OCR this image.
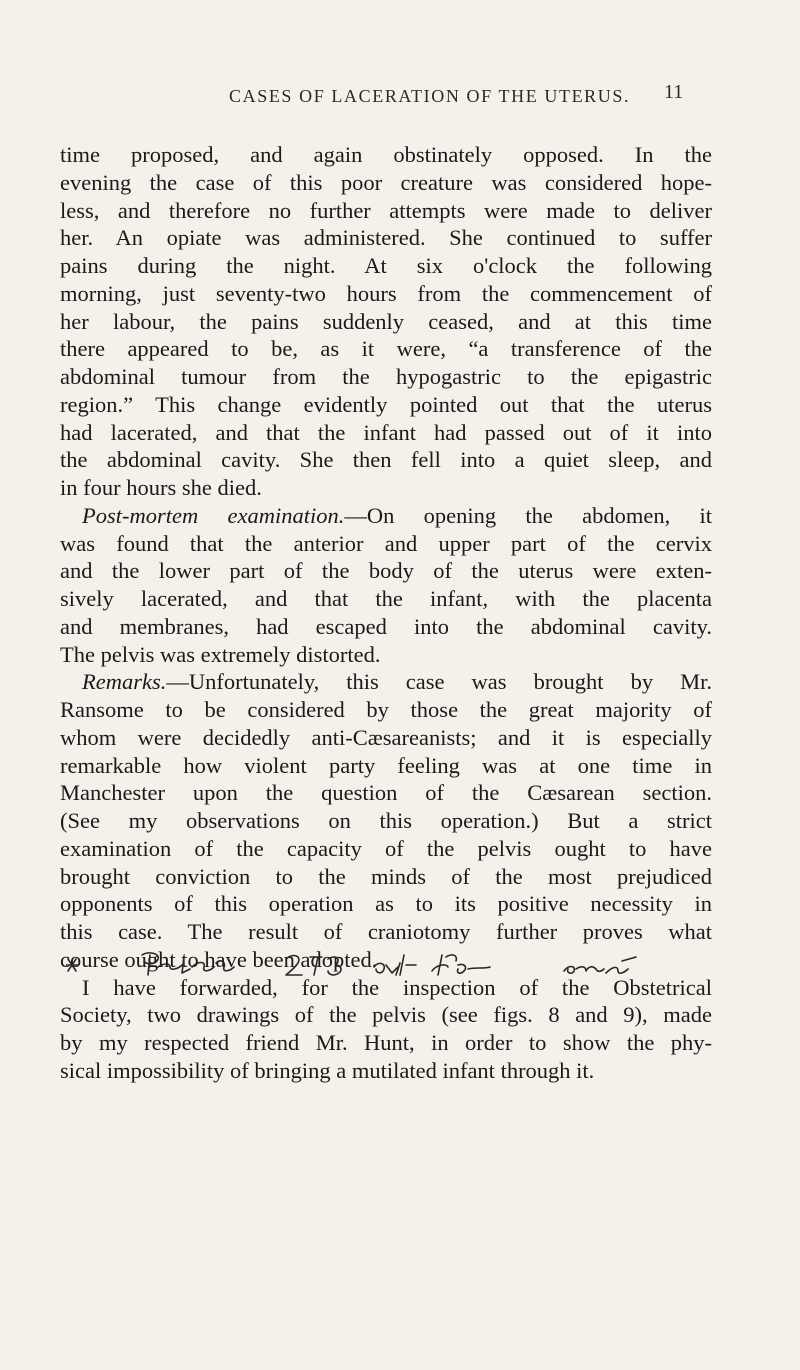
CASES OF LACERATION OF THE UTERUS. 11
time proposed, and again obstinately opposed. In the
evening the case of this poor creature was considered hope-
less, and therefore no further attempts were made to deliver
her. An opiate was administered. She continued to suffer
pains during the night. At six o'clock the following
morning, just seventy-two hours from the commencement of
her labour, the pains suddenly ceased, and at this time
there appeared to be, as it were, “a transference of the
abdominal tumour from the hypogastric to the epigastric
region.” This change evidently pointed out that the uterus
had lacerated, and that the infant had passed out of it into
the abdominal cavity. She then fell into a quiet sleep, and
in four hours she died.
Post-mortem examination.—On opening the abdomen, it
was found that the anterior and upper part of the cervix
and the lower part of the body of the uterus were exten-
sively lacerated, and that the infant, with the placenta
and membranes, had escaped into the abdominal cavity.
The pelvis was extremely distorted.
Remarks.—Unfortunately, this case was brought by Mr.
Ransome to be considered by those the great majority of
whom were decidedly anti-Cæsareanists; and it is especially
remarkable how violent party feeling was at one time in
Manchester upon the question of the Cæsarean section.
(See my observations on this operation.) But a strict
examination of the capacity of the pelvis ought to have
brought conviction to the minds of the most prejudiced
opponents of this operation as to its positive necessity in
this case. The result of craniotomy further proves what
course ought to have been adopted.
I have forwarded, for the inspection of the Obstetrical
Society, two drawings of the pelvis (see figs. 8 and 9), made
by my respected friend Mr. Hunt, in order to show the phy-
sical impossibility of bringing a mutilated infant through it.
